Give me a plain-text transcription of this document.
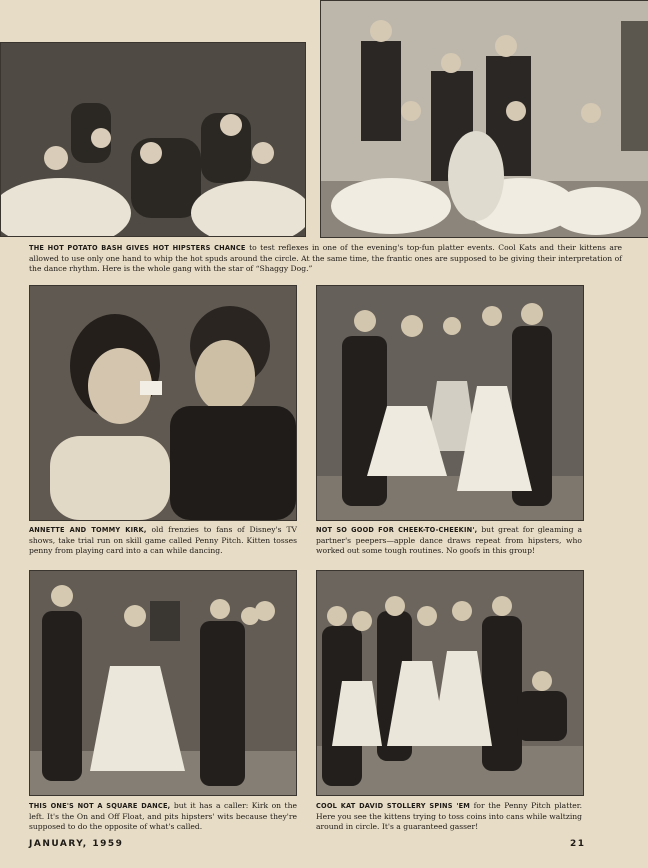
THE HOT POTATO BASH GIVES HOT HIPSTERS CHANCE to test reflexes in one of the evening's top-fun platter events. Cool Kats and their kittens are allowed to use only one hand to whip the hot spuds around the circle. At the same time, the frantic ones are supposed to be giving their interpretation of the dance rhythm. Here is the whole gang with the star of “Shaggy Dog.”

ANNETTE AND TOMMY KIRK, old frenzies to fans of Disney's TV shows, take trial run on skill game called Penny Pitch. Kitten tosses penny from playing card into a can while dancing.

NOT SO GOOD FOR CHEEK-TO-CHEEKIN', but great for gleaming a partner's peepers—apple dance draws repeat from hipsters, who worked out some tough routines. No goofs in this group!

THIS ONE'S NOT A SQUARE DANCE, but it has a caller: Kirk on the left. It's the On and Off Float, and pits hipsters' wits because they're supposed to do the opposite of what's called.

COOL KAT DAVID STOLLERY SPINS 'EM for the Penny Pitch platter. Here you see the kittens trying to toss coins into cans while waltzing around in circle. It's a guaranteed gasser!

JANUARY, 1959	21
